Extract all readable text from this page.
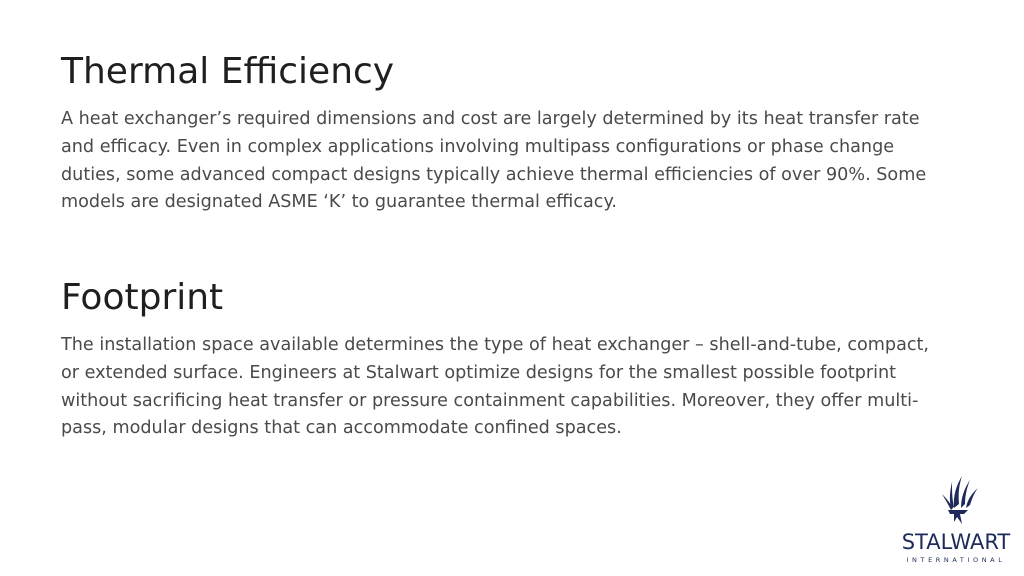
Thermal Efficiency

A heat exchanger’s required dimensions and cost are largely determined by its heat transfer rate and efficacy. Even in complex applications involving multipass configurations or phase change duties, some advanced compact designs typically achieve thermal efficiencies of over 90%. Some models are designated ASME ‘K’ to guarantee thermal efficacy.

Footprint

The installation space available determines the type of heat exchanger – shell-and-tube, compact, or extended surface. Engineers at Stalwart optimize designs for the smallest possible footprint without sacrificing heat transfer or pressure containment capabilities. Moreover, they offer multi-pass, modular designs that can accommodate confined spaces.

STALWART
INTERNATIONAL
